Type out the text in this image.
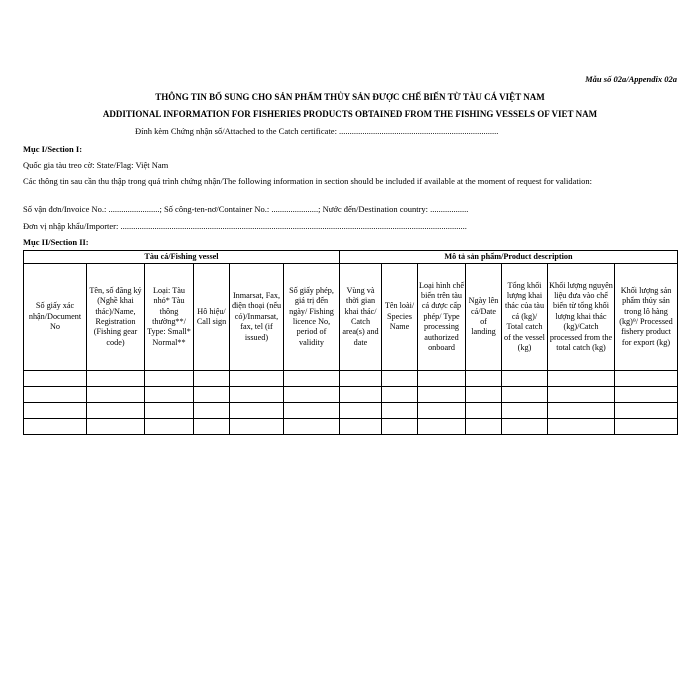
Mẫu số 02a/Appendix 02a
THÔNG TIN BỔ SUNG CHO SẢN PHẨM THỦY SẢN ĐƯỢC CHẾ BIẾN TỪ TÀU CÁ VIỆT NAM
ADDITIONAL INFORMATION FOR FISHERIES PRODUCTS OBTAINED FROM THE FISHING VESSELS OF VIET NAM
Đính kèm Chứng nhận số/Attached to the Catch certificate: ...........................................................................
Mục I/Section I:
Quốc gia tàu treo cờ: State/Flag: Việt Nam
Các thông tin sau cần thu thập trong quá trình chứng nhận/The following information in section should be included if available at the moment of request for validation:
Số vận đơn/Invoice No.: ........................; Số công-ten-nơ/Container No.: ......................; Nước đến/Destination country: ..................
Đơn vị nhập khẩu/Importer: ...................................................................................................................................................................
Mục II/Section II:
Tàu cá/Fishing vessel						Mô tả sản phẩm/Product description						
Số giấy xác nhận/Document No	Tên, số đăng ký (Nghề khai thác)/Name, Registration (Fishing gear code)	Loại: Tàu nhỏ* Tàu thông thường**/ Type: Small* Normal**	Hô hiệu/ Call sign	Inmarsat, Fax, điện thoại (nếu có)/Inmarsat, fax, tel (if issued)	Số giấy phép, giá trị đến ngày/ Fishing licence No, period of validity	Vùng và thời gian khai thác/ Catch area(s) and date	Tên loài/ Species Name	Loại hình chế biến trên tàu cá được cấp phép/ Type processing authorized onboard	Ngày lên cá/Date of landing	Tổng khối lượng khai thác của tàu cá (kg)/ Total catch of the vessel (kg)	Khối lượng nguyên liệu đưa vào chế biến từ tổng khối lượng khai thác (kg)/Catch processed from the total catch (kg)	Khối lượng sản phẩm thủy sản trong lô hàng (kg)⁹/ Processed fishery product for export (kg)
